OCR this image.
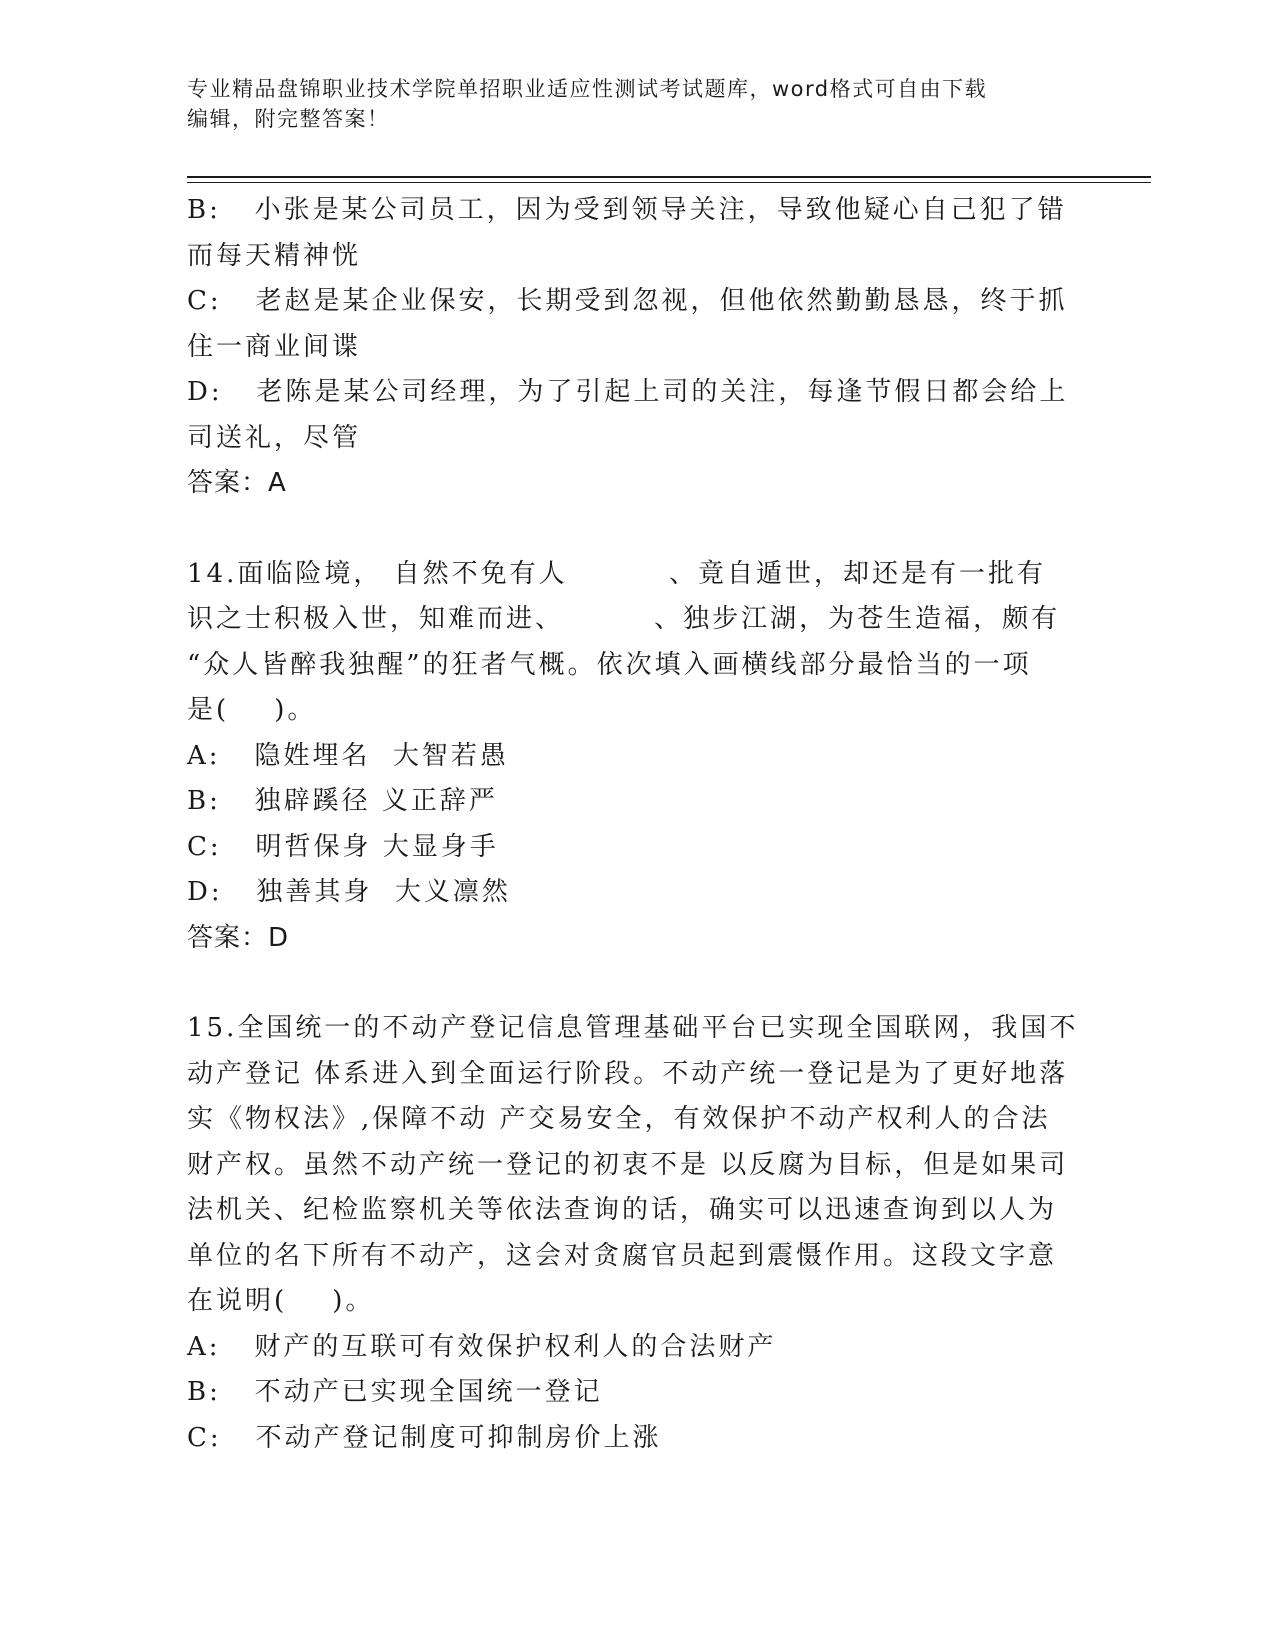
专业精品盘锦职业技术学院单招职业适应性测试考试题库，word格式可自由下载
编辑，附完整答案！
B:   小张是某公司员工，因为受到领导关注，导致他疑心自己犯了错
而每天精神恍
C:   老赵是某企业保安，长期受到忽视，但他依然勤勤恳恳，终于抓
住一商业间谍
D:   老陈是某公司经理，为了引起上司的关注，每逢节假日都会给上
司送礼，尽管
答案：A
14.面临险境， 自然不免有人         、竟自遁世，却还是有一批有
识之士积极入世，知难而进、        、独步江湖，为苍生造福，颇有
“众人皆醉我独醒”的狂者气概。依次填入画横线部分最恰当的一项
是(    )。
A:   隐姓埋名  大智若愚
B:   独辟蹊径 义正辞严
C:   明哲保身 大显身手
D:   独善其身  大义凛然
答案：D
15.全国统一的不动产登记信息管理基础平台已实现全国联网，我国不
动产登记 体系进入到全面运行阶段。不动产统一登记是为了更好地落
实《物权法》,保障不动 产交易安全，有效保护不动产权利人的合法
财产权。虽然不动产统一登记的初衷不是 以反腐为目标，但是如果司
法机关、纪检监察机关等依法查询的话，确实可以迅速查询到以人为
单位的名下所有不动产，这会对贪腐官员起到震慑作用。这段文字意
在说明(    )。
A:   财产的互联可有效保护权利人的合法财产
B:   不动产已实现全国统一登记
C:   不动产登记制度可抑制房价上涨
